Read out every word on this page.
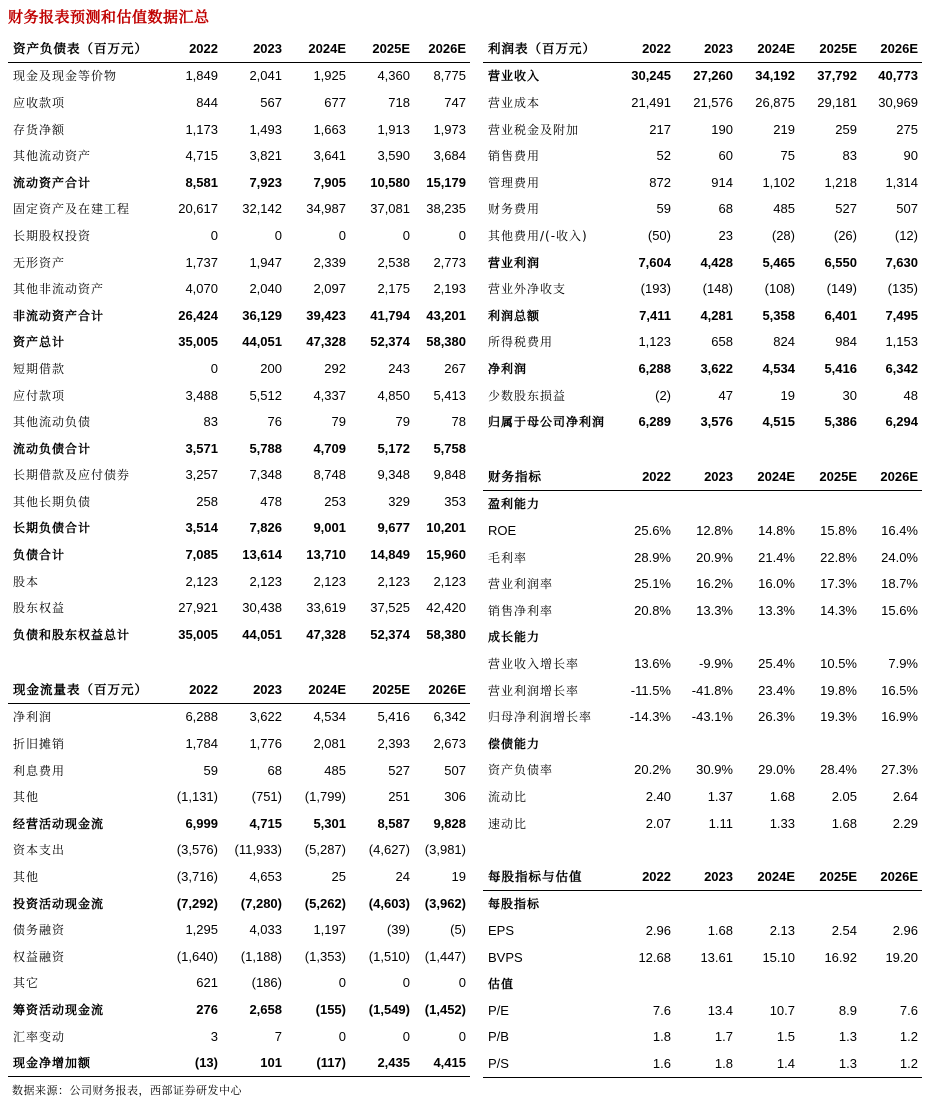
财务报表预测和估值数据汇总
资产负债表（百万元）	2022	2023	2024E	2025E	2026E
现金及现金等价物	1,849	2,041	1,925	4,360	8,775
应收款项	844	567	677	718	747
存货净额	1,173	1,493	1,663	1,913	1,973
其他流动资产	4,715	3,821	3,641	3,590	3,684
流动资产合计	8,581	7,923	7,905	10,580	15,179
固定资产及在建工程	20,617	32,142	34,987	37,081	38,235
长期股权投资	0	0	0	0	0
无形资产	1,737	1,947	2,339	2,538	2,773
其他非流动资产	4,070	2,040	2,097	2,175	2,193
非流动资产合计	26,424	36,129	39,423	41,794	43,201
资产总计	35,005	44,051	47,328	52,374	58,380
短期借款	0	200	292	243	267
应付款项	3,488	5,512	4,337	4,850	5,413
其他流动负债	83	76	79	79	78
流动负债合计	3,571	5,788	4,709	5,172	5,758
长期借款及应付债券	3,257	7,348	8,748	9,348	9,848
其他长期负债	258	478	253	329	353
长期负债合计	3,514	7,826	9,001	9,677	10,201
负债合计	7,085	13,614	13,710	14,849	15,960
股本	2,123	2,123	2,123	2,123	2,123
股东权益	27,921	30,438	33,619	37,525	42,420
负债和股东权益总计	35,005	44,051	47,328	52,374	58,380
现金流量表（百万元）	2022	2023	2024E	2025E	2026E
净利润	6,288	3,622	4,534	5,416	6,342
折旧摊销	1,784	1,776	2,081	2,393	2,673
利息费用	59	68	485	527	507
其他	(1,131)	(751)	(1,799)	251	306
经营活动现金流	6,999	4,715	5,301	8,587	9,828
资本支出	(3,576)	(11,933)	(5,287)	(4,627)	(3,981)
其他	(3,716)	4,653	25	24	19
投资活动现金流	(7,292)	(7,280)	(5,262)	(4,603)	(3,962)
债务融资	1,295	4,033	1,197	(39)	(5)
权益融资	(1,640)	(1,188)	(1,353)	(1,510)	(1,447)
其它	621	(186)	0	0	0
筹资活动现金流	276	2,658	(155)	(1,549)	(1,452)
汇率变动	3	7	0	0	0
现金净增加额	(13)	101	(117)	2,435	4,415
利润表（百万元）	2022	2023	2024E	2025E	2026E
营业收入	30,245	27,260	34,192	37,792	40,773
营业成本	21,491	21,576	26,875	29,181	30,969
营业税金及附加	217	190	219	259	275
销售费用	52	60	75	83	90
管理费用	872	914	1,102	1,218	1,314
财务费用	59	68	485	527	507
其他费用/(-收入)	(50)	23	(28)	(26)	(12)
营业利润	7,604	4,428	5,465	6,550	7,630
营业外净收支	(193)	(148)	(108)	(149)	(135)
利润总额	7,411	4,281	5,358	6,401	7,495
所得税费用	1,123	658	824	984	1,153
净利润	6,288	3,622	4,534	5,416	6,342
少数股东损益	(2)	47	19	30	48
归属于母公司净利润	6,289	3,576	4,515	5,386	6,294
财务指标	2022	2023	2024E	2025E	2026E
盈利能力					
ROE	25.6%	12.8%	14.8%	15.8%	16.4%
毛利率	28.9%	20.9%	21.4%	22.8%	24.0%
营业利润率	25.1%	16.2%	16.0%	17.3%	18.7%
销售净利率	20.8%	13.3%	13.3%	14.3%	15.6%
成长能力					
营业收入增长率	13.6%	-9.9%	25.4%	10.5%	7.9%
营业利润增长率	-11.5%	-41.8%	23.4%	19.8%	16.5%
归母净利润增长率	-14.3%	-43.1%	26.3%	19.3%	16.9%
偿债能力					
资产负债率	20.2%	30.9%	29.0%	28.4%	27.3%
流动比	2.40	1.37	1.68	2.05	2.64
速动比	2.07	1.11	1.33	1.68	2.29
每股指标与估值	2022	2023	2024E	2025E	2026E
每股指标					
EPS	2.96	1.68	2.13	2.54	2.96
BVPS	12.68	13.61	15.10	16.92	19.20
估值					
P/E	7.6	13.4	10.7	8.9	7.6
P/B	1.8	1.7	1.5	1.3	1.2
P/S	1.6	1.8	1.4	1.3	1.2
数据来源：公司财务报表，西部证券研发中心
